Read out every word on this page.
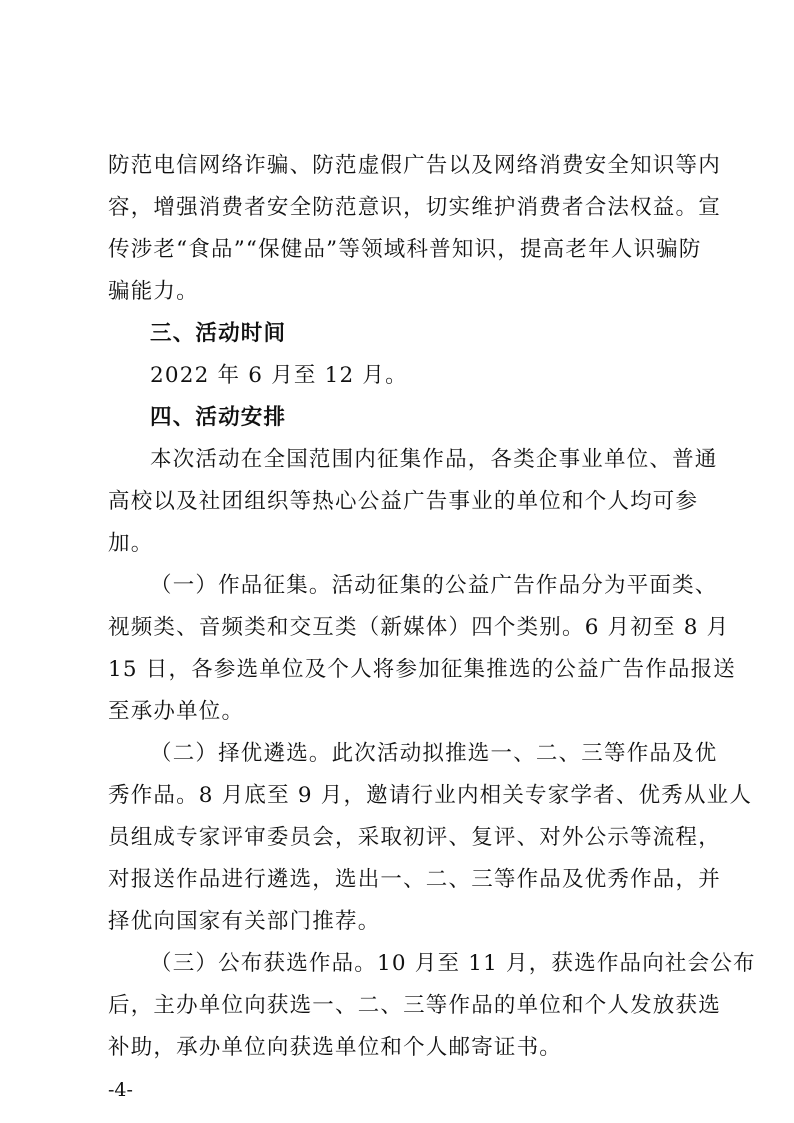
防范电信网络诈骗、防范虚假广告以及网络消费安全知识等内
容，增强消费者安全防范意识，切实维护消费者合法权益。宣
传涉老“食品”“保健品”等领域科普知识，提高老年人识骗防
骗能力。
三、活动时间
2022 年 6 月至 12 月。
四、活动安排
本次活动在全国范围内征集作品，各类企事业单位、普通
高校以及社团组织等热心公益广告事业的单位和个人均可参
加。
（一）作品征集。活动征集的公益广告作品分为平面类、
视频类、音频类和交互类（新媒体）四个类别。6 月初至 8 月
15 日，各参选单位及个人将参加征集推选的公益广告作品报送
至承办单位。
（二）择优遴选。此次活动拟推选一、二、三等作品及优
秀作品。8 月底至 9 月，邀请行业内相关专家学者、优秀从业人
员组成专家评审委员会，采取初评、复评、对外公示等流程，
对报送作品进行遴选，选出一、二、三等作品及优秀作品，并
择优向国家有关部门推荐。
（三）公布获选作品。10 月至 11 月，获选作品向社会公布
后，主办单位向获选一、二、三等作品的单位和个人发放获选
补助，承办单位向获选单位和个人邮寄证书。
-4-
